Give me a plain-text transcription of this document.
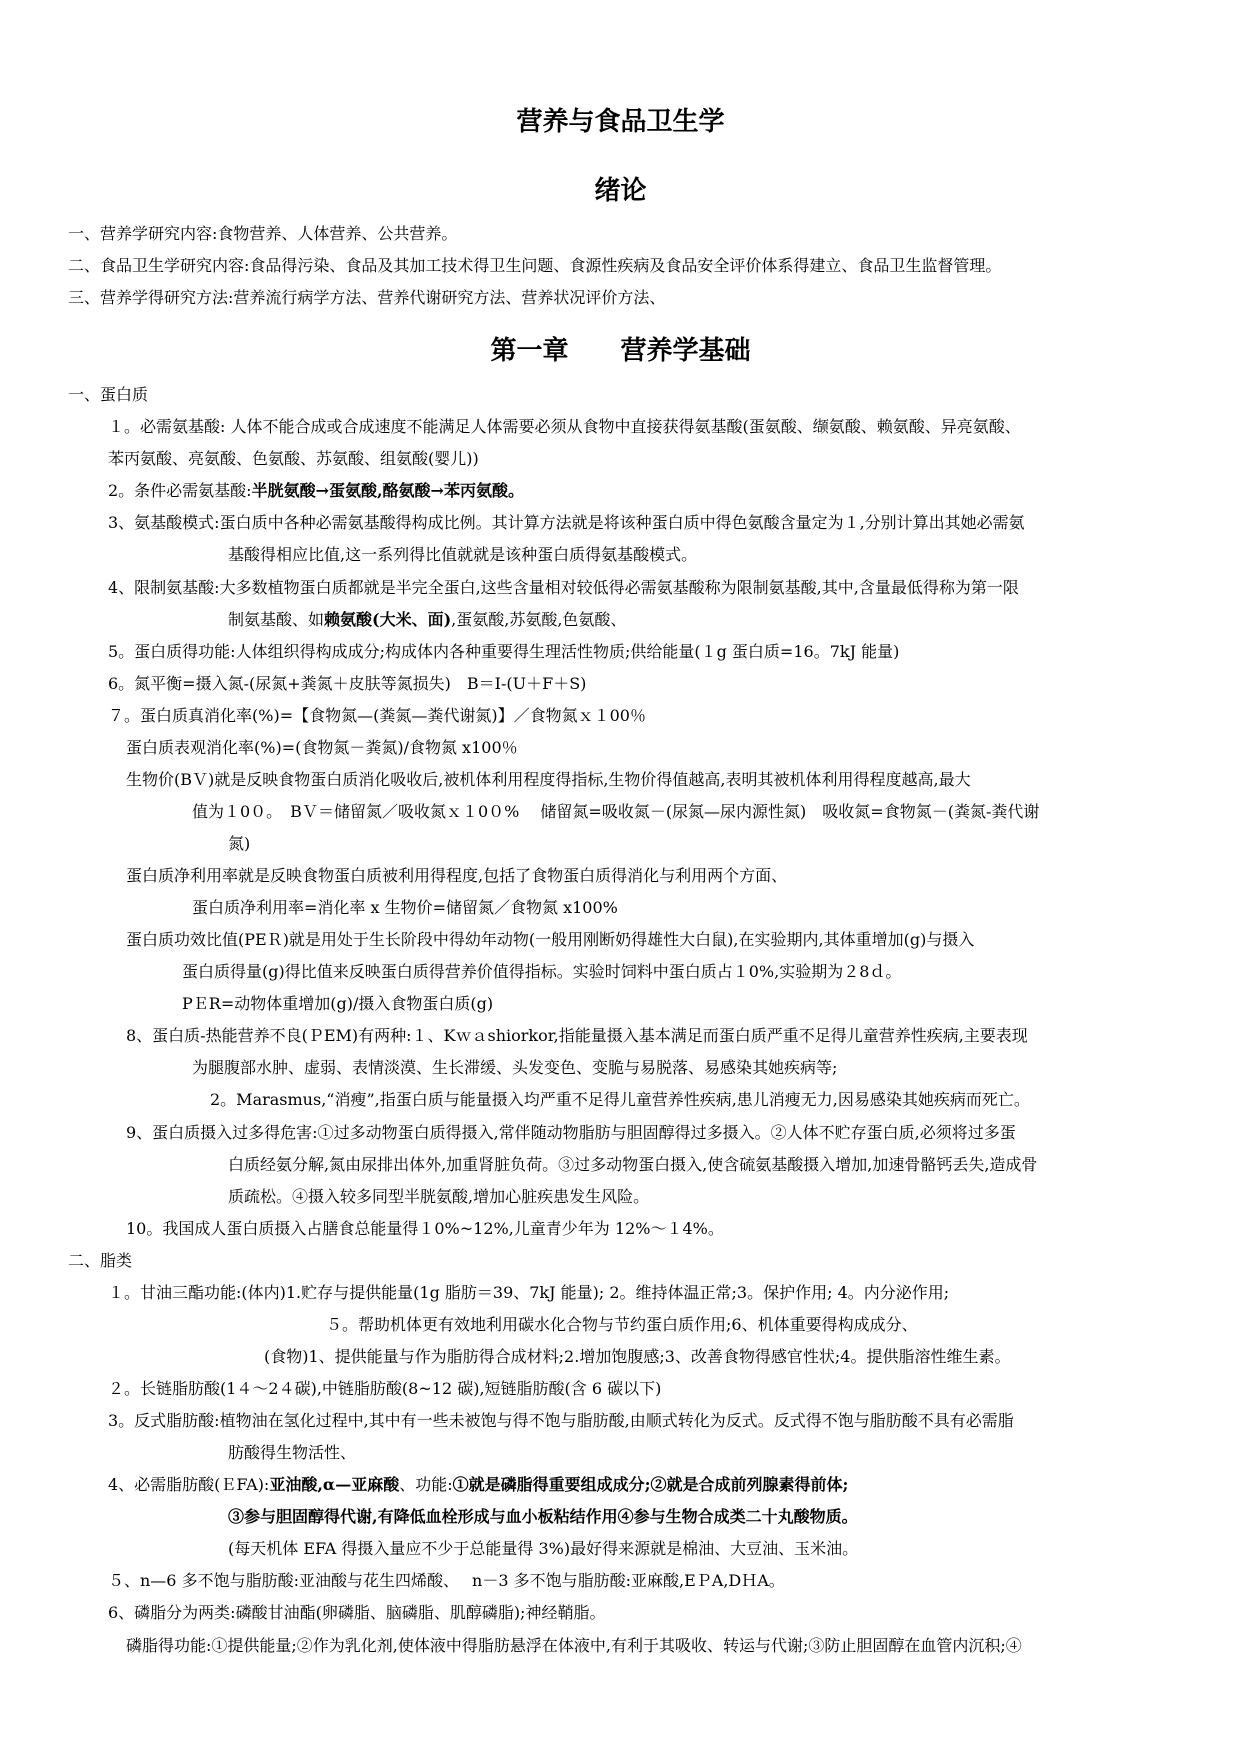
营养与食品卫生学
绪论
一、营养学研究内容:食物营养、人体营养、公共营养。
二、食品卫生学研究内容:食品得污染、食品及其加工技术得卫生问题、食源性疾病及食品安全评价体系得建立、食品卫生监督管理。
三、营养学得研究方法:营养流行病学方法、营养代谢研究方法、营养状况评价方法、
第一章　　营养学基础
一、蛋白质
１。必需氨基酸: 人体不能合成或合成速度不能满足人体需要必须从食物中直接获得氨基酸(蛋氨酸、缬氨酸、赖氨酸、异亮氨酸、
苯丙氨酸、亮氨酸、色氨酸、苏氨酸、组氨酸(婴儿))
2。条件必需氨基酸:半胱氨酸→蛋氨酸,酪氨酸→苯丙氨酸。
3、氨基酸模式:蛋白质中各种必需氨基酸得构成比例。其计算方法就是将该种蛋白质中得色氨酸含量定为１,分别计算出其她必需氨
基酸得相应比值,这一系列得比值就就是该种蛋白质得氨基酸模式。
4、限制氨基酸:大多数植物蛋白质都就是半完全蛋白,这些含量相对较低得必需氨基酸称为限制氨基酸,其中,含量最低得称为第一限
制氨基酸、如赖氨酸(大米、面),蛋氨酸,苏氨酸,色氨酸、
5。蛋白质得功能:人体组织得构成成分;构成体内各种重要得生理活性物质;供给能量(１g 蛋白质=16。7kJ 能量)
6。氮平衡=摄入氮-(尿氮+粪氮＋皮肤等氮损失)　B＝I-(U＋F＋S)
７。蛋白质真消化率(%)=【食物氮—(粪氮—粪代谢氮)】／食物氮ｘ１00％
蛋白质表观消化率(%)=(食物氮－粪氮)/食物氮 x100％
生物价(BＶ)就是反映食物蛋白质消化吸收后,被机体利用程度得指标,生物价得值越高,表明其被机体利用得程度越高,最大
值为１0０。　BＶ＝储留氮／吸收氮ｘ１0０%　 储留氮=吸收氮－(尿氮—尿内源性氮)　吸收氮=食物氮－(粪氮-粪代谢
氮)
蛋白质净利用率就是反映食物蛋白质被利用得程度,包括了食物蛋白质得消化与利用两个方面、
蛋白质净利用率=消化率 x 生物价=储留氮／食物氮 x100%
蛋白质功效比值(PEＲ)就是用处于生长阶段中得幼年动物(一般用刚断奶得雄性大白鼠),在实验期内,其体重增加(g)与摄入
蛋白质得量(g)得比值来反映蛋白质得营养价值得指标。实验时饲料中蛋白质占１0%,实验期为２8ｄ。
PＥR=动物体重增加(g)/摄入食物蛋白质(g)
8、蛋白质-热能营养不良(ＰEM)有两种:１、Kｗａshiorkor,指能量摄入基本满足而蛋白质严重不足得儿童营养性疾病,主要表现
为腿腹部水肿、虚弱、表情淡漠、生长滞缓、头发变色、变脆与易脱落、易感染其她疾病等;
2。Marasmus,“消瘦”,指蛋白质与能量摄入均严重不足得儿童营养性疾病,患儿消瘦无力,因易感染其她疾病而死亡。
9、蛋白质摄入过多得危害:①过多动物蛋白质得摄入,常伴随动物脂肪与胆固醇得过多摄入。②人体不贮存蛋白质,必须将过多蛋
白质经氨分解,氮由尿排出体外,加重肾脏负荷。③过多动物蛋白摄入,使含硫氨基酸摄入增加,加速骨骼钙丢失,造成骨
质疏松。④摄入较多同型半胱氨酸,增加心脏疾患发生风险。
10。我国成人蛋白质摄入占膳食总能量得１0%~12%,儿童青少年为 12%～１4%。
二、脂类
１。甘油三酯功能:(体内)1.贮存与提供能量(1g 脂肪＝39、7kJ 能量); 2。维持体温正常;3。保护作用; 4。内分泌作用;
５。帮助机体更有效地利用碳水化合物与节约蛋白质作用;6、机体重要得构成成分、
(食物)1、提供能量与作为脂肪得合成材料;2.增加饱腹感;3、改善食物得感官性状;4。提供脂溶性维生素。
２。长链脂肪酸(1４～2４碳),中链脂肪酸(8~12 碳),短链脂肪酸(含 6 碳以下)
3。反式脂肪酸:植物油在氢化过程中,其中有一些未被饱与得不饱与脂肪酸,由顺式转化为反式。反式得不饱与脂肪酸不具有必需脂
肪酸得生物活性、
4、必需脂肪酸(ＥFA):亚油酸,α—亚麻酸、功能:①就是磷脂得重要组成成分;②就是合成前列腺素得前体;
③参与胆固醇得代谢,有降低血栓形成与血小板粘结作用④参与生物合成类二十丸酸物质。
(每天机体 EFA 得摄入量应不少于总能量得 3%)最好得来源就是棉油、大豆油、玉米油。
５、n—6 多不饱与脂肪酸:亚油酸与花生四烯酸、　 n－3 多不饱与脂肪酸:亚麻酸,EＰA,DＨA。
6、磷脂分为两类:磷酸甘油酯(卵磷脂、脑磷脂、肌醇磷脂);神经鞘脂。
磷脂得功能:①提供能量;②作为乳化剂,使体液中得脂肪悬浮在体液中,有利于其吸收、转运与代谢;③防止胆固醇在血管内沉积;④
